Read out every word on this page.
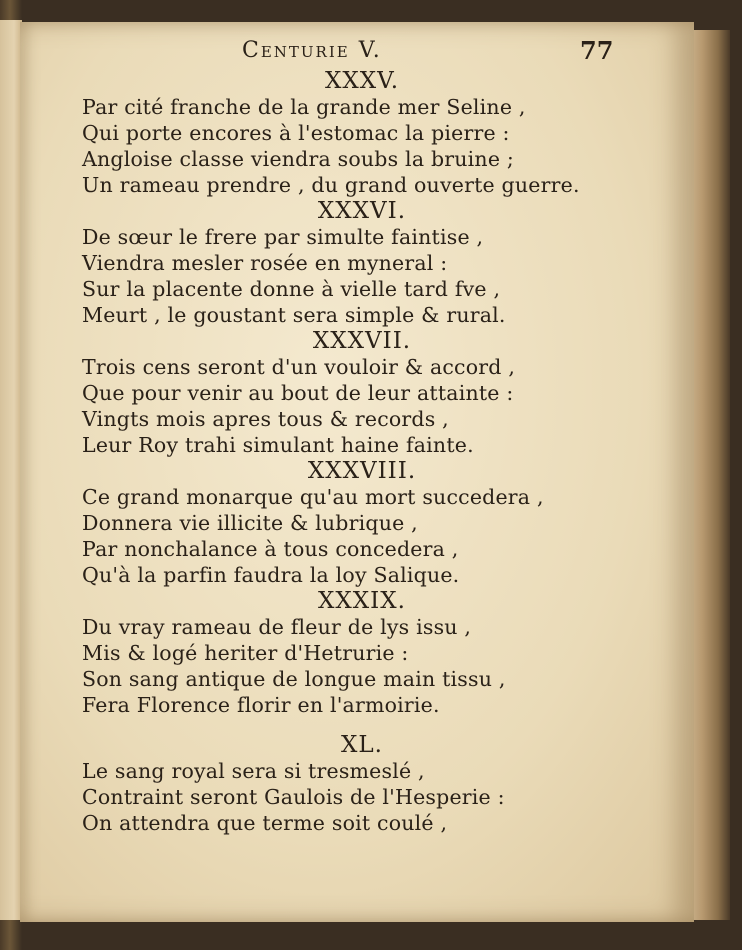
Centurie V.	77
XXXV.
Par cité franche de la grande mer Seline ,
Qui porte encores à l'estomac la pierre :
Angloise classe viendra soubs la bruine ;
Un rameau prendre , du grand ouverte guerre.
XXXVI.
De sœur le frere par simulte faintise ,
Viendra mesler rosée en myneral :
Sur la placente donne à vielle tard fve ,
Meurt , le goustant sera simple & rural.
XXXVII.
Trois cens seront d'un vouloir & accord ,
Que pour venir au bout de leur attainte :
Vingts mois apres tous & records ,
Leur Roy trahi simulant haine fainte.
XXXVIII.
Ce grand monarque qu'au mort succedera ,
Donnera vie illicite & lubrique ,
Par nonchalance à tous concedera ,
Qu'à la parfin faudra la loy Salique.
XXXIX.
Du vray rameau de fleur de lys issu ,
Mis & logé heriter d'Hetrurie :
Son sang antique de longue main tissu ,
Fera Florence florir en l'armoirie.
XL.
Le sang royal sera si tresmeslé ,
Contraint seront Gaulois de l'Hesperie :
On attendra que terme soit coulé ,
